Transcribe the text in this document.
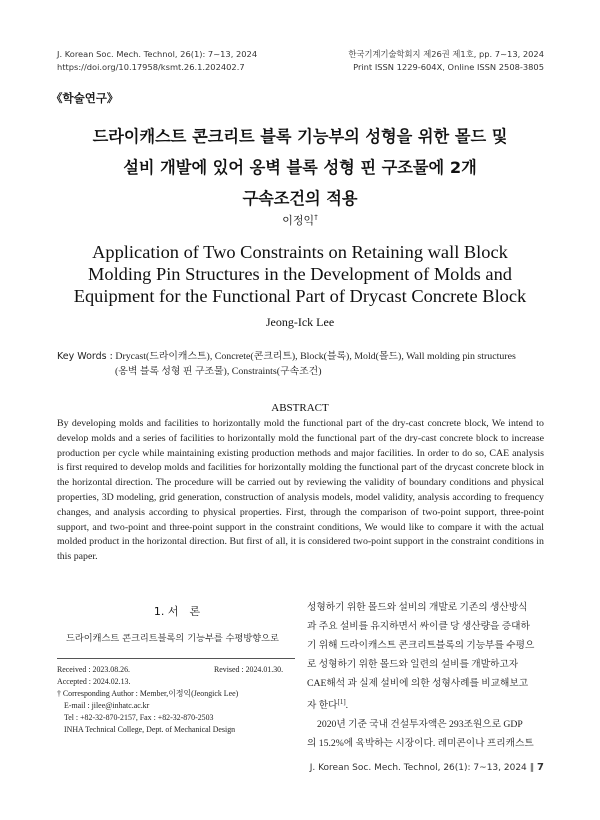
J. Korean Soc. Mech. Technol, 26(1): 7~13, 2024
https://doi.org/10.17958/ksmt.26.1.202402.7
한국기계기술학회지 제26권 제1호, pp. 7~13, 2024
Print ISSN 1229-604X, Online ISSN 2508-3805
《학술연구》
드라이캐스트 콘크리트 블록 기능부의 성형을 위한 몰드 및
설비 개발에 있어 옹벽 블록 성형 핀 구조물에 2개
구속조건의 적용
이정익†
Application of Two Constraints on Retaining wall Block
Molding Pin Structures in the Development of Molds and
Equipment for the Functional Part of Drycast Concrete Block
Jeong-Ick Lee
Key Words : Drycast(드라이캐스트), Concrete(콘크리트), Block(블록), Mold(몰드), Wall molding pin structures
(옹벽 블록 성형 핀 구조물), Constraints(구속조건)
ABSTRACT
By developing molds and facilities to horizontally mold the functional part of the dry-cast concrete block, We intend to develop molds and a series of facilities to horizontally mold the functional part of the dry-cast concrete block to increase production per cycle while maintaining existing production methods and major facilities. In order to do so, CAE analysis is first required to develop molds and facilities for horizontally molding the functional part of the drycast concrete block in the horizontal direction. The procedure will be carried out by reviewing the validity of boundary conditions and physical properties, 3D modeling, grid generation, construction of analysis models, model validity, analysis according to frequency changes, and analysis according to physical properties. First, through the comparison of two-point support, three-point support, and two-point and three-point support in the constraint conditions, We would like to compare it with the actual molded product in the horizontal direction. But first of all, it is considered two-point support in the constraint conditions in this paper.
1. 서　론
드라이캐스트 콘크리트블록의 기능부를 수평방향으로
Received : 2023.08.26.	Revised : 2024.01.30.
Accepted : 2024.02.13.
† Corresponding Author : Member,이정익(Jeongick Lee)
E-mail : jilee@inhatc.ac.kr
Tel : +82-32-870-2157, Fax : +82-32-870-2503
INHA Technical College, Dept. of Mechanical Design
성형하기 위한 몰드와 설비의 개발로 기존의 생산방식
과 주요 설비를 유지하면서 싸이클 당 생산량을 증대하
기 위해 드라이캐스트 콘크리트블록의 기능부를 수평으
로 성형하기 위한 몰드와 일련의 설비를 개발하고자
CAE해석 과 실제 설비에 의한 성형사례를 비교해보고
자 한다[1].
2020년 기준 국내 건설투자액은 293조원으로 GDP
의 15.2%에 육박하는 시장이다. 레미콘이나 프리캐스트
J. Korean Soc. Mech. Technol, 26(1): 7~13, 2024 ∥ 7
